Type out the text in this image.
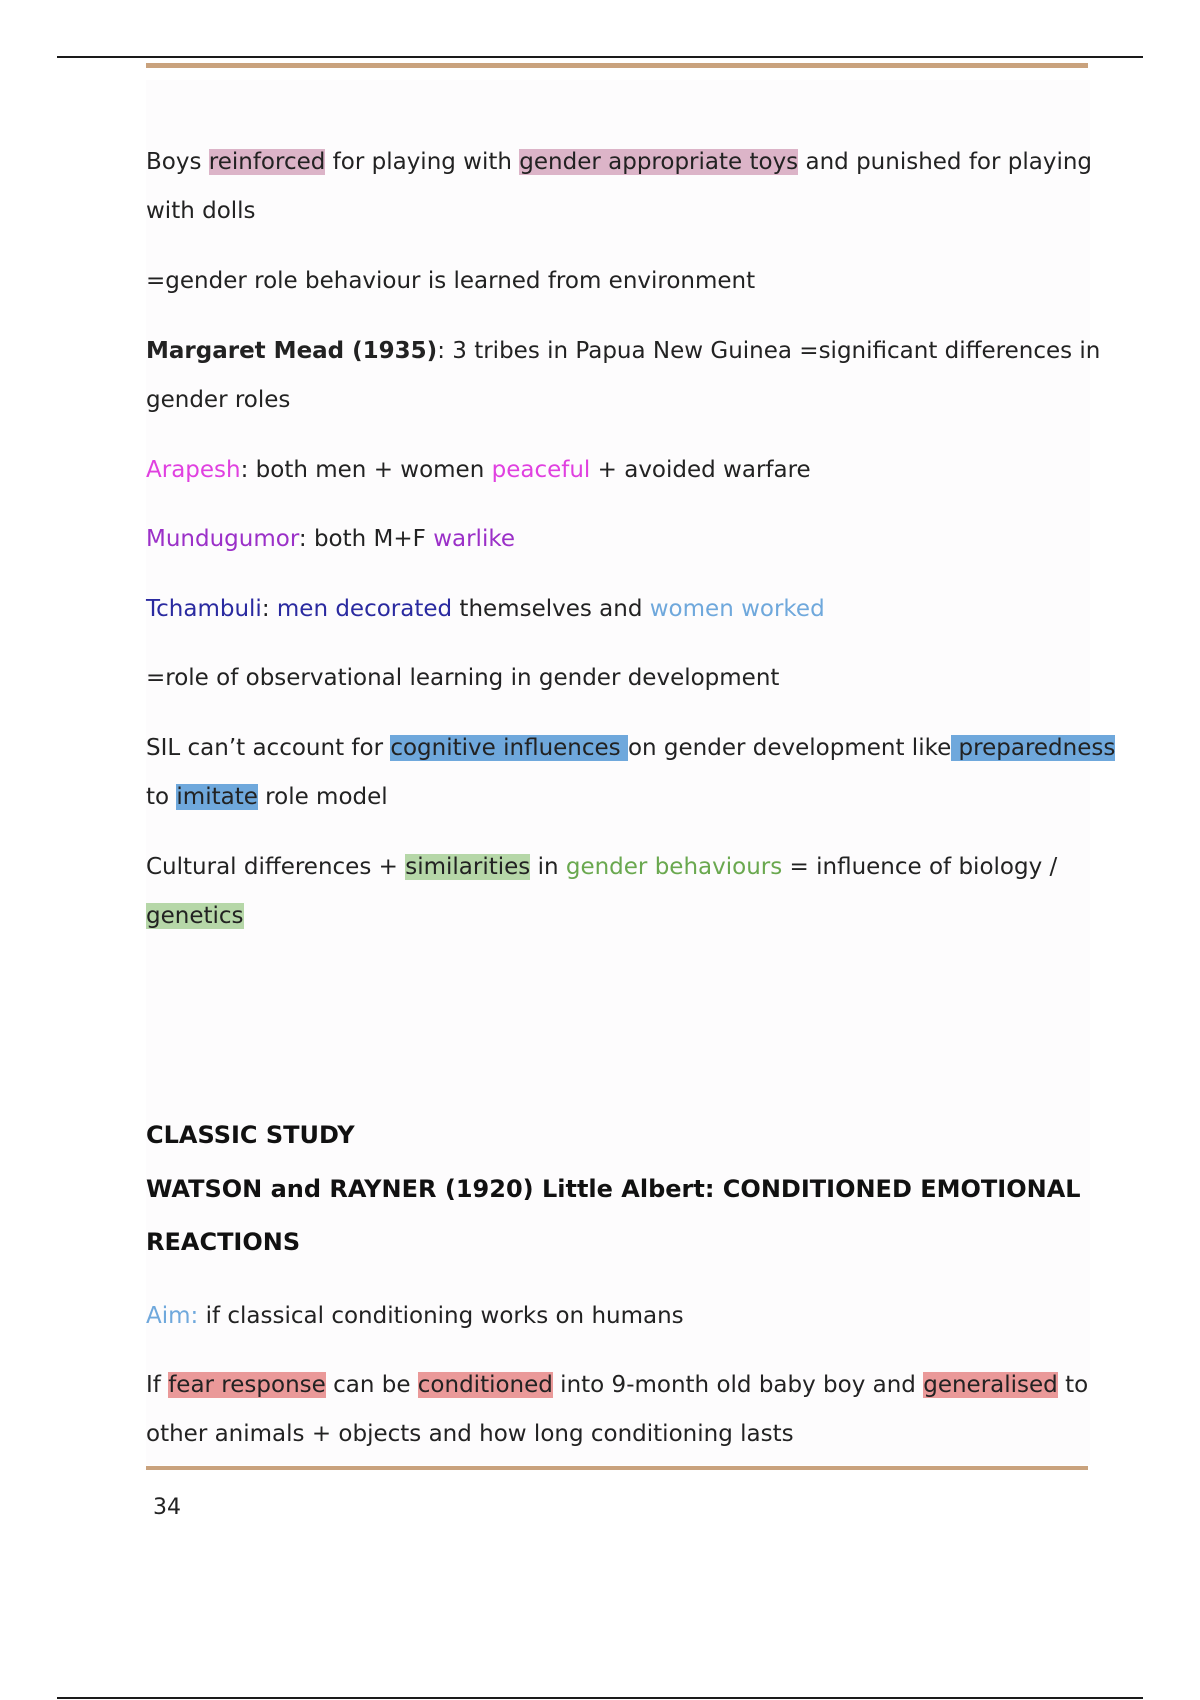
Boys reinforced for playing with gender appropriate toys and punished for playing
with dolls

=gender role behaviour is learned from environment

Margaret Mead (1935): 3 tribes in Papua New Guinea =significant differences in
gender roles

Arapesh: both men + women peaceful + avoided warfare

Mundugumor: both M+F warlike

Tchambuli: men decorated themselves and women worked

=role of observational learning in gender development

SIL can’t account for cognitive influences on gender development like preparedness
to imitate role model

Cultural differences + similarities in gender behaviours = influence of biology /
genetics

CLASSIC STUDY

WATSON and RAYNER (1920) Little Albert: CONDITIONED EMOTIONAL
REACTIONS

Aim: if classical conditioning works on humans

If fear response can be conditioned into 9-month old baby boy and generalised to
other animals + objects and how long conditioning lasts

34
